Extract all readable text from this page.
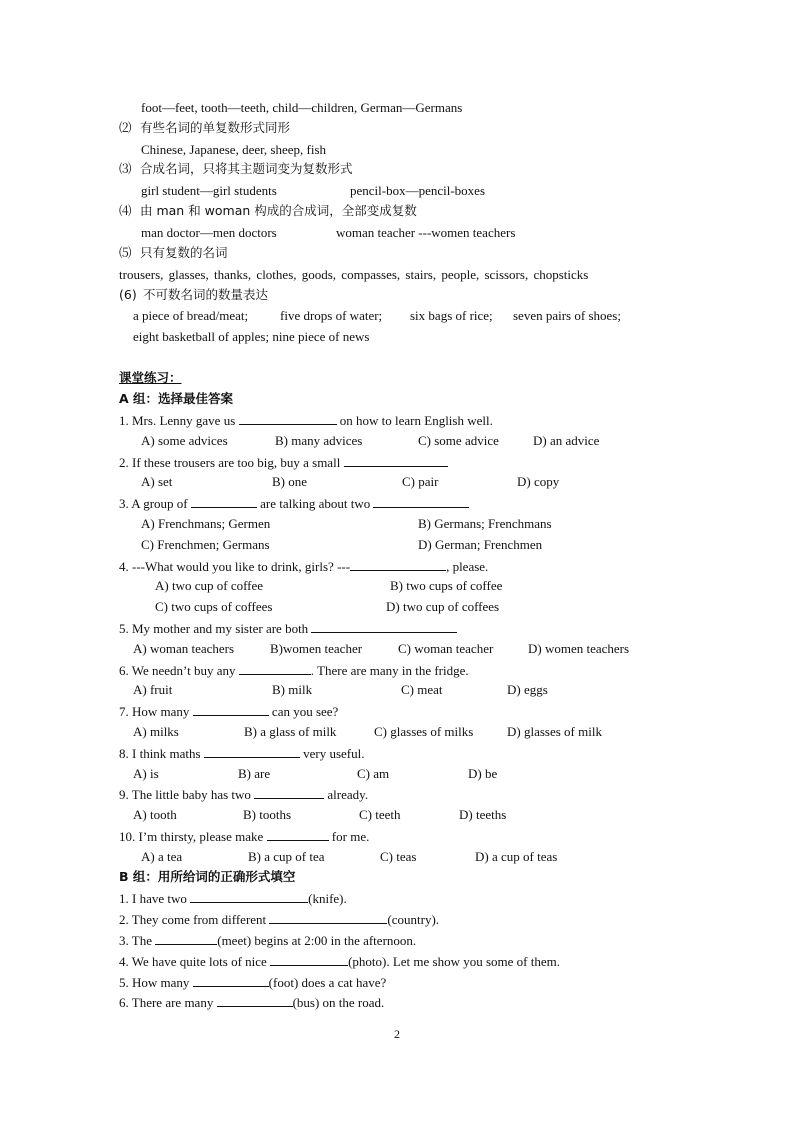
foot—feet, tooth—teeth, child—children, German—Germans
⑵ 有些名词的单复数形式同形
Chinese, Japanese, deer, sheep, fish
⑶ 合成名词，只将其主题词变为复数形式
girl student—girl students	pencil-box—pencil-boxes
⑷ 由 man 和 woman 构成的合成词，全部变成复数
man doctor—men doctors	woman teacher ---women teachers
⑸ 只有复数的名词
trousers, glasses, thanks, clothes, goods, compasses, stairs, people, scissors, chopsticks
(6) 不可数名词的数量表达
a piece of bread/meat; five drops of water; six bags of rice; seven pairs of shoes;
eight basketball of apples; nine piece of news
课堂练习：
A 组：选择最佳答案
1. Mrs. Lenny gave us	on how to learn English well.
A) some advices	B) many advices	C) some advice	D) an advice
2. If these trousers are too big, buy a small
A) set	B) one	C) pair	D) copy
3. A group of	are talking about two
A) Frenchmans; Germen	B) Germans; Frenchmans
C) Frenchmen; Germans	D) German; Frenchmen
4. ---What would you like to drink, girls? ---	, please.
A) two cup of coffee	B) two cups of coffee
C) two cups of coffees	D) two cup of coffees
5. My mother and my sister are both
A) woman teachers	B)women teacher	C) woman teacher	D) women teachers
6. We needn’t buy any	. There are many in the fridge.
A) fruit	B) milk	C) meat	D) eggs
7. How many	can you see?
A) milks	B) a glass of milk	C) glasses of milks	D) glasses of milk
8. I think maths	very useful.
A) is	B) are	C) am	D) be
9. The little baby has two	already.
A) tooth	B) tooths	C) teeth	D) teeths
10. I’m thirsty, please make	for me.
A) a tea	B) a cup of tea	C) teas	D) a cup of teas
B 组：用所给词的正确形式填空
1. I have two	(knife).
2. They come from different	(country).
3. The	(meet) begins at 2:00 in the afternoon.
4. We have quite lots of nice	(photo). Let me show you some of them.
5. How many	(foot) does a cat have?
6. There are many	(bus) on the road.
2
